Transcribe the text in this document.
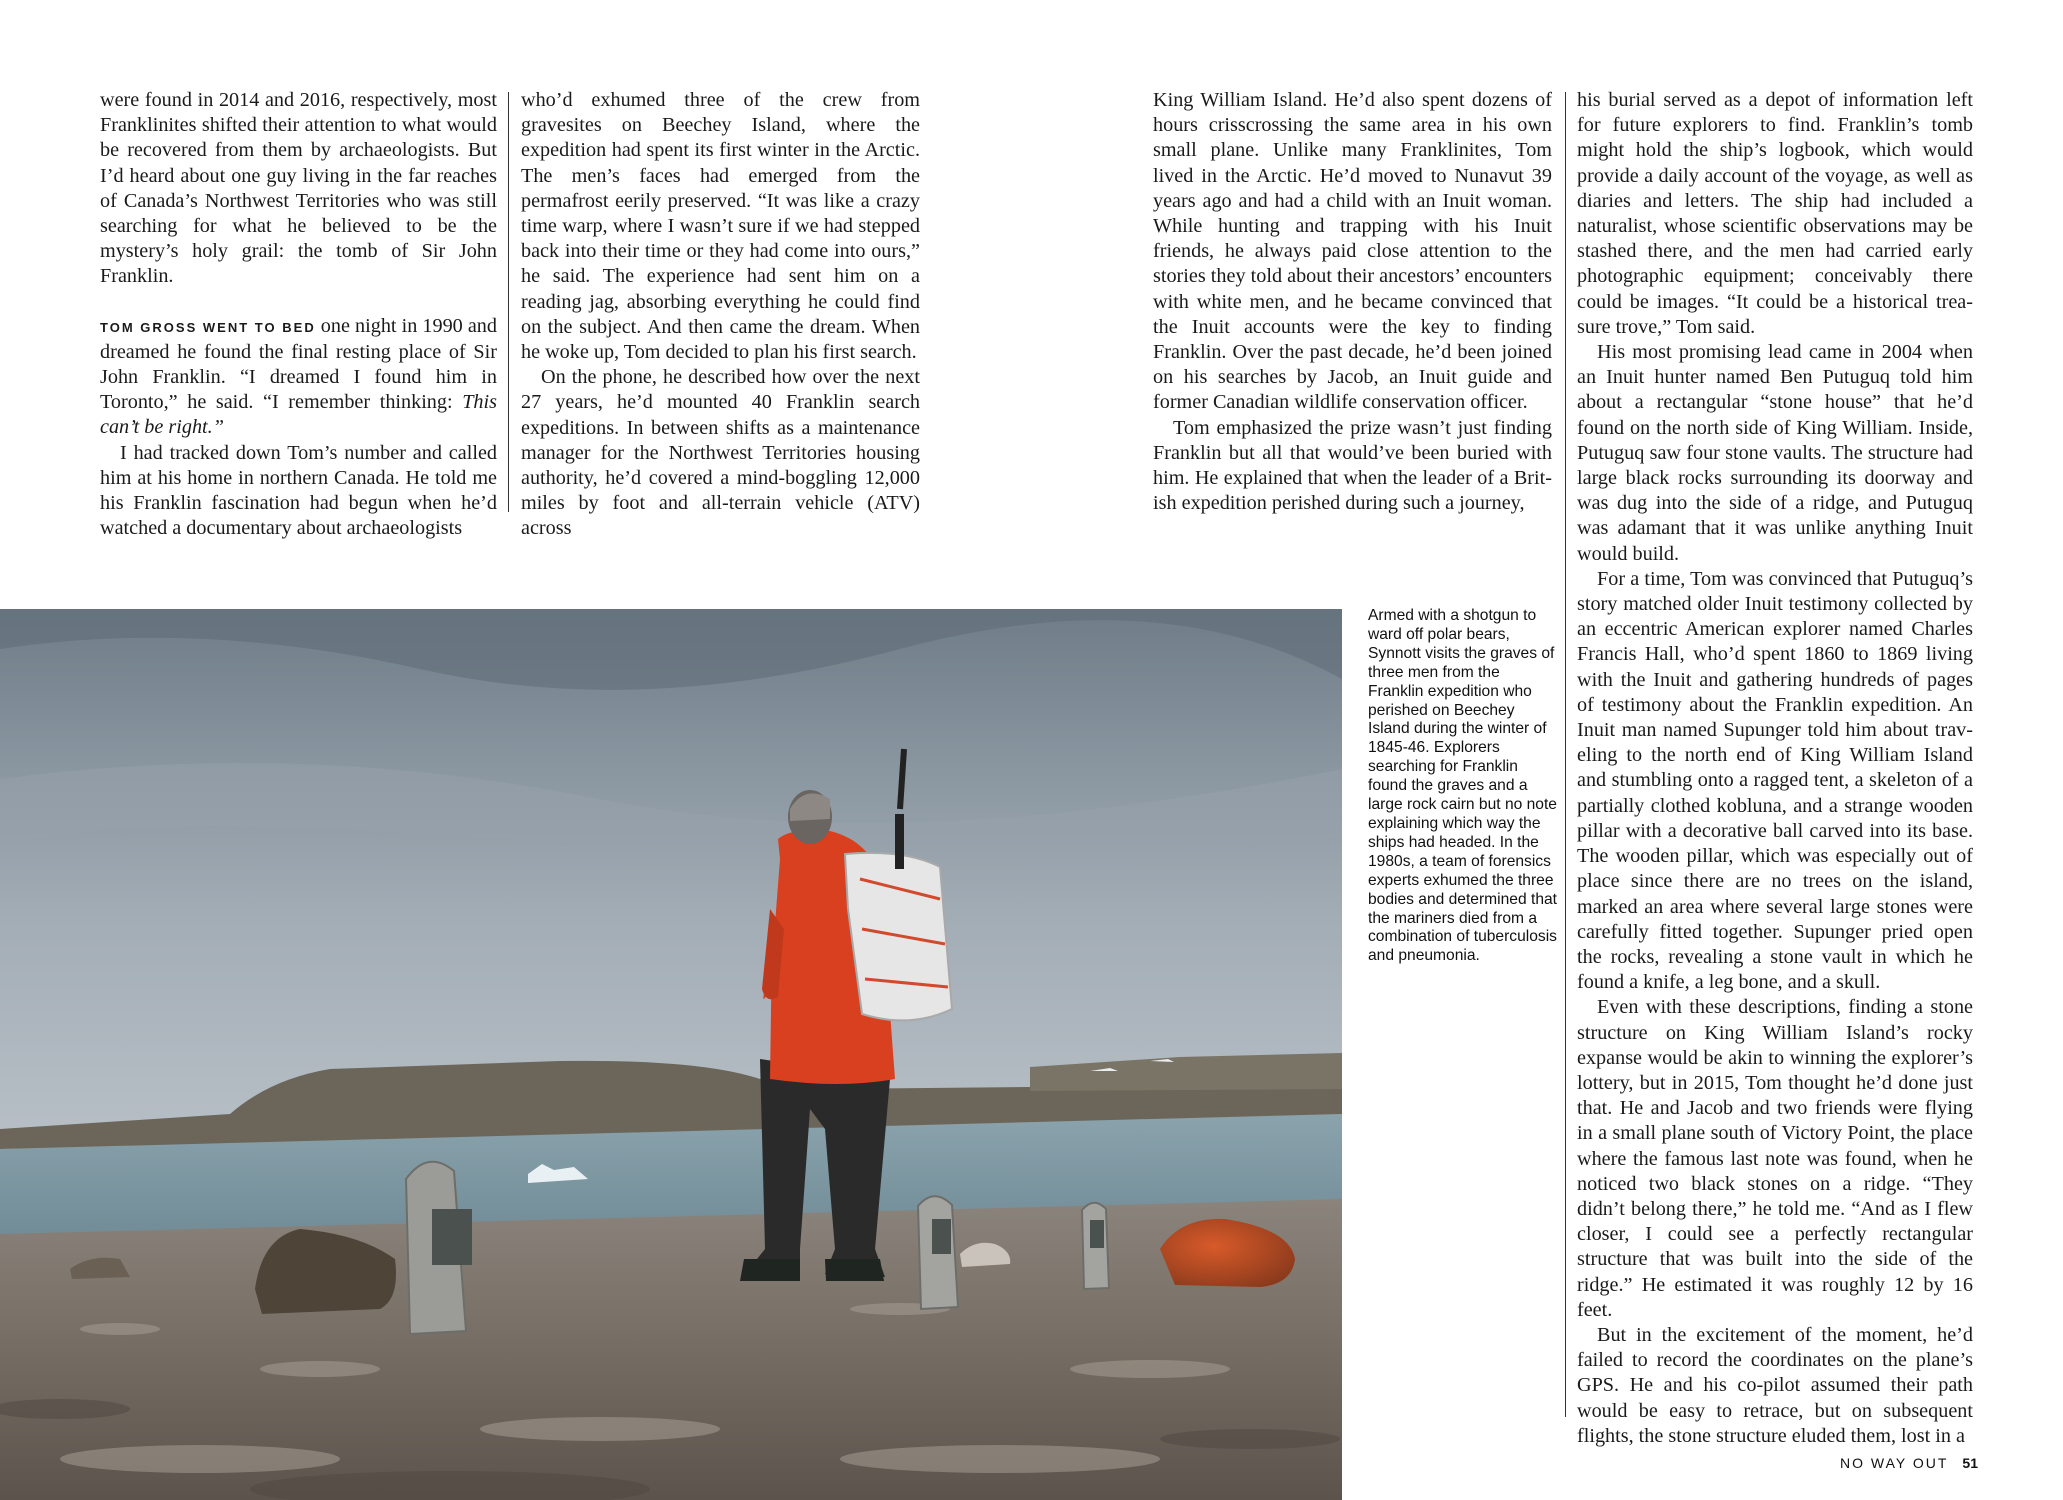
were found in 2014 and 2016, respectively, most Franklinites shifted their attention to what would be recovered from them by archaeologists. But I’d heard about one guy living in the far reaches of Canada’s Northwest Territories who was still searching for what he believed to be the mystery’s holy grail: the tomb of Sir John Franklin.

TOM GROSS WENT TO BED one night in 1990 and dreamed he found the final resting place of Sir John Franklin. “I dreamed I found him in Toronto,” he said. “I remember thinking: This can’t be right.”

I had tracked down Tom’s number and called him at his home in northern Canada. He told me his Franklin fascination had begun when he’d watched a documentary about archaeologists

who’d exhumed three of the crew from gravesites on Beechey Island, where the expedition had spent its first winter in the Arctic. The men’s faces had emerged from the permafrost eerily preserved. “It was like a crazy time warp, where I wasn’t sure if we had stepped back into their time or they had come into ours,” he said. The experience had sent him on a reading jag, absorbing everything he could find on the subject. And then came the dream. When he woke up, Tom decided to plan his first search.

On the phone, he described how over the next 27 years, he’d mounted 40 Franklin search expeditions. In between shifts as a maintenance manager for the Northwest Territories housing authority, he’d covered a mind-boggling 12,000 miles by foot and all-terrain vehicle (ATV) across

King William Island. He’d also spent dozens of hours crisscrossing the same area in his own small plane. Unlike many Franklinites, Tom lived in the Arctic. He’d moved to Nunavut 39 years ago and had a child with an Inuit woman. While hunting and trapping with his Inuit friends, he always paid close attention to the stories they told about their ancestors’ encounters with white men, and he became convinced that the Inuit accounts were the key to finding Franklin. Over the past decade, he’d been joined on his searches by Jacob, an Inuit guide and former Canadian wildlife conservation officer.

Tom emphasized the prize wasn’t just finding Franklin but all that would’ve been buried with him. He explained that when the leader of a British expedition perished during such a journey,

his burial served as a depot of information left for future explorers to find. Franklin’s tomb might hold the ship’s logbook, which would provide a daily account of the voyage, as well as diaries and letters. The ship had included a naturalist, whose scientific observations may be stashed there, and the men had carried early photographic equipment; conceivably there could be images. “It could be a historical treasure trove,” Tom said.

His most promising lead came in 2004 when an Inuit hunter named Ben Putuguq told him about a rectangular “stone house” that he’d found on the north side of King William. Inside, Putuguq saw four stone vaults. The structure had large black rocks surrounding its doorway and was dug into the side of a ridge, and Putuguq was adamant that it was unlike anything Inuit would build.

For a time, Tom was convinced that Putuguq’s story matched older Inuit testimony collected by an eccentric American explorer named Charles Francis Hall, who’d spent 1860 to 1869 living with the Inuit and gathering hundreds of pages of testimony about the Franklin expedition. An Inuit man named Supunger told him about traveling to the north end of King William Island and stumbling onto a ragged tent, a skeleton of a partially clothed kobluna, and a strange wooden pillar with a decorative ball carved into its base. The wooden pillar, which was especially out of place since there are no trees on the island, marked an area where several large stones were carefully fitted together. Supunger pried open the rocks, revealing a stone vault in which he found a knife, a leg bone, and a skull.

Even with these descriptions, finding a stone structure on King William Island’s rocky expanse would be akin to winning the explorer’s lottery, but in 2015, Tom thought he’d done just that. He and Jacob and two friends were flying in a small plane south of Victory Point, the place where the famous last note was found, when he noticed two black stones on a ridge. “They didn’t belong there,” he told me. “And as I flew closer, I could see a perfectly rectangular structure that was built into the side of the ridge.” He estimated it was roughly 12 by 16 feet.

But in the excitement of the moment, he’d failed to record the coordinates on the plane’s GPS. He and his co-pilot assumed their path would be easy to retrace, but on subsequent flights, the stone structure eluded them, lost in a

Armed with a shotgun to ward off polar bears, Synnott visits the graves of three men from the Franklin expedition who perished on Beechey Island during the winter of 1845-46. Explorers searching for Franklin found the graves and a large rock cairn but no note explaining which way the ships had headed. In the 1980s, a team of forensics experts exhumed the three bodies and determined that the mariners died from a combination of tuberculosis and pneumonia.
NO WAY OUT 51
